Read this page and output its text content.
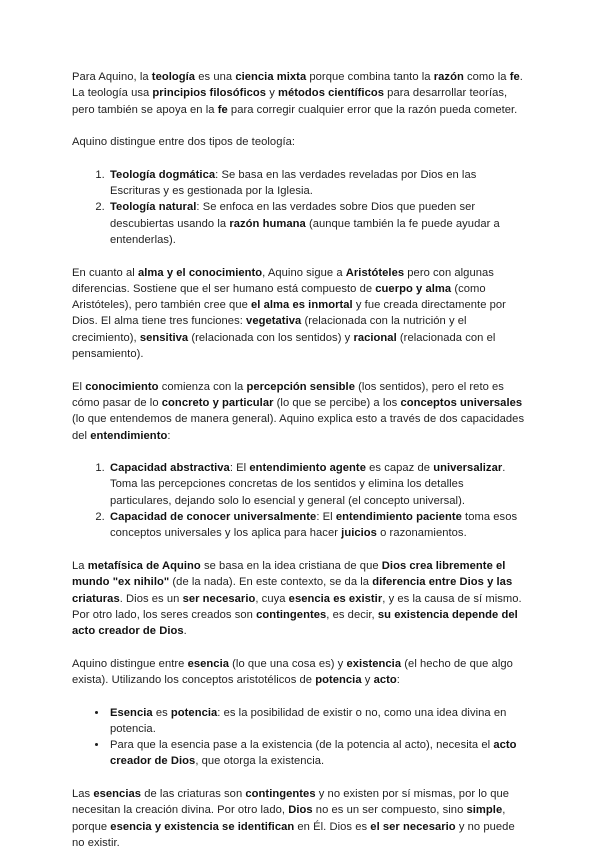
Para Aquino, la teología es una ciencia mixta porque combina tanto la razón como la fe. La teología usa principios filosóficos y métodos científicos para desarrollar teorías, pero también se apoya en la fe para corregir cualquier error que la razón pueda cometer.

Aquino distingue entre dos tipos de teología:

1. Teología dogmática: Se basa en las verdades reveladas por Dios en las Escrituras y es gestionada por la Iglesia.
2. Teología natural: Se enfoca en las verdades sobre Dios que pueden ser descubiertas usando la razón humana (aunque también la fe puede ayudar a entenderlas).

En cuanto al alma y el conocimiento, Aquino sigue a Aristóteles pero con algunas diferencias. Sostiene que el ser humano está compuesto de cuerpo y alma (como Aristóteles), pero también cree que el alma es inmortal y fue creada directamente por Dios. El alma tiene tres funciones: vegetativa (relacionada con la nutrición y el crecimiento), sensitiva (relacionada con los sentidos) y racional (relacionada con el pensamiento).

El conocimiento comienza con la percepción sensible (los sentidos), pero el reto es cómo pasar de lo concreto y particular (lo que se percibe) a los conceptos universales (lo que entendemos de manera general). Aquino explica esto a través de dos capacidades del entendimiento:

1. Capacidad abstractiva: El entendimiento agente es capaz de universalizar. Toma las percepciones concretas de los sentidos y elimina los detalles particulares, dejando solo lo esencial y general (el concepto universal).
2. Capacidad de conocer universalmente: El entendimiento paciente toma esos conceptos universales y los aplica para hacer juicios o razonamientos.

La metafísica de Aquino se basa en la idea cristiana de que Dios crea libremente el mundo "ex nihilo" (de la nada). En este contexto, se da la diferencia entre Dios y las criaturas. Dios es un ser necesario, cuya esencia es existir, y es la causa de sí mismo. Por otro lado, los seres creados son contingentes, es decir, su existencia depende del acto creador de Dios.

Aquino distingue entre esencia (lo que una cosa es) y existencia (el hecho de que algo exista). Utilizando los conceptos aristotélicos de potencia y acto:

• Esencia es potencia: es la posibilidad de existir o no, como una idea divina en potencia.
• Para que la esencia pase a la existencia (de la potencia al acto), necesita el acto creador de Dios, que otorga la existencia.

Las esencias de las criaturas son contingentes y no existen por sí mismas, por lo que necesitan la creación divina. Por otro lado, Dios no es un ser compuesto, sino simple, porque esencia y existencia se identifican en Él. Dios es el ser necesario y no puede no existir.
